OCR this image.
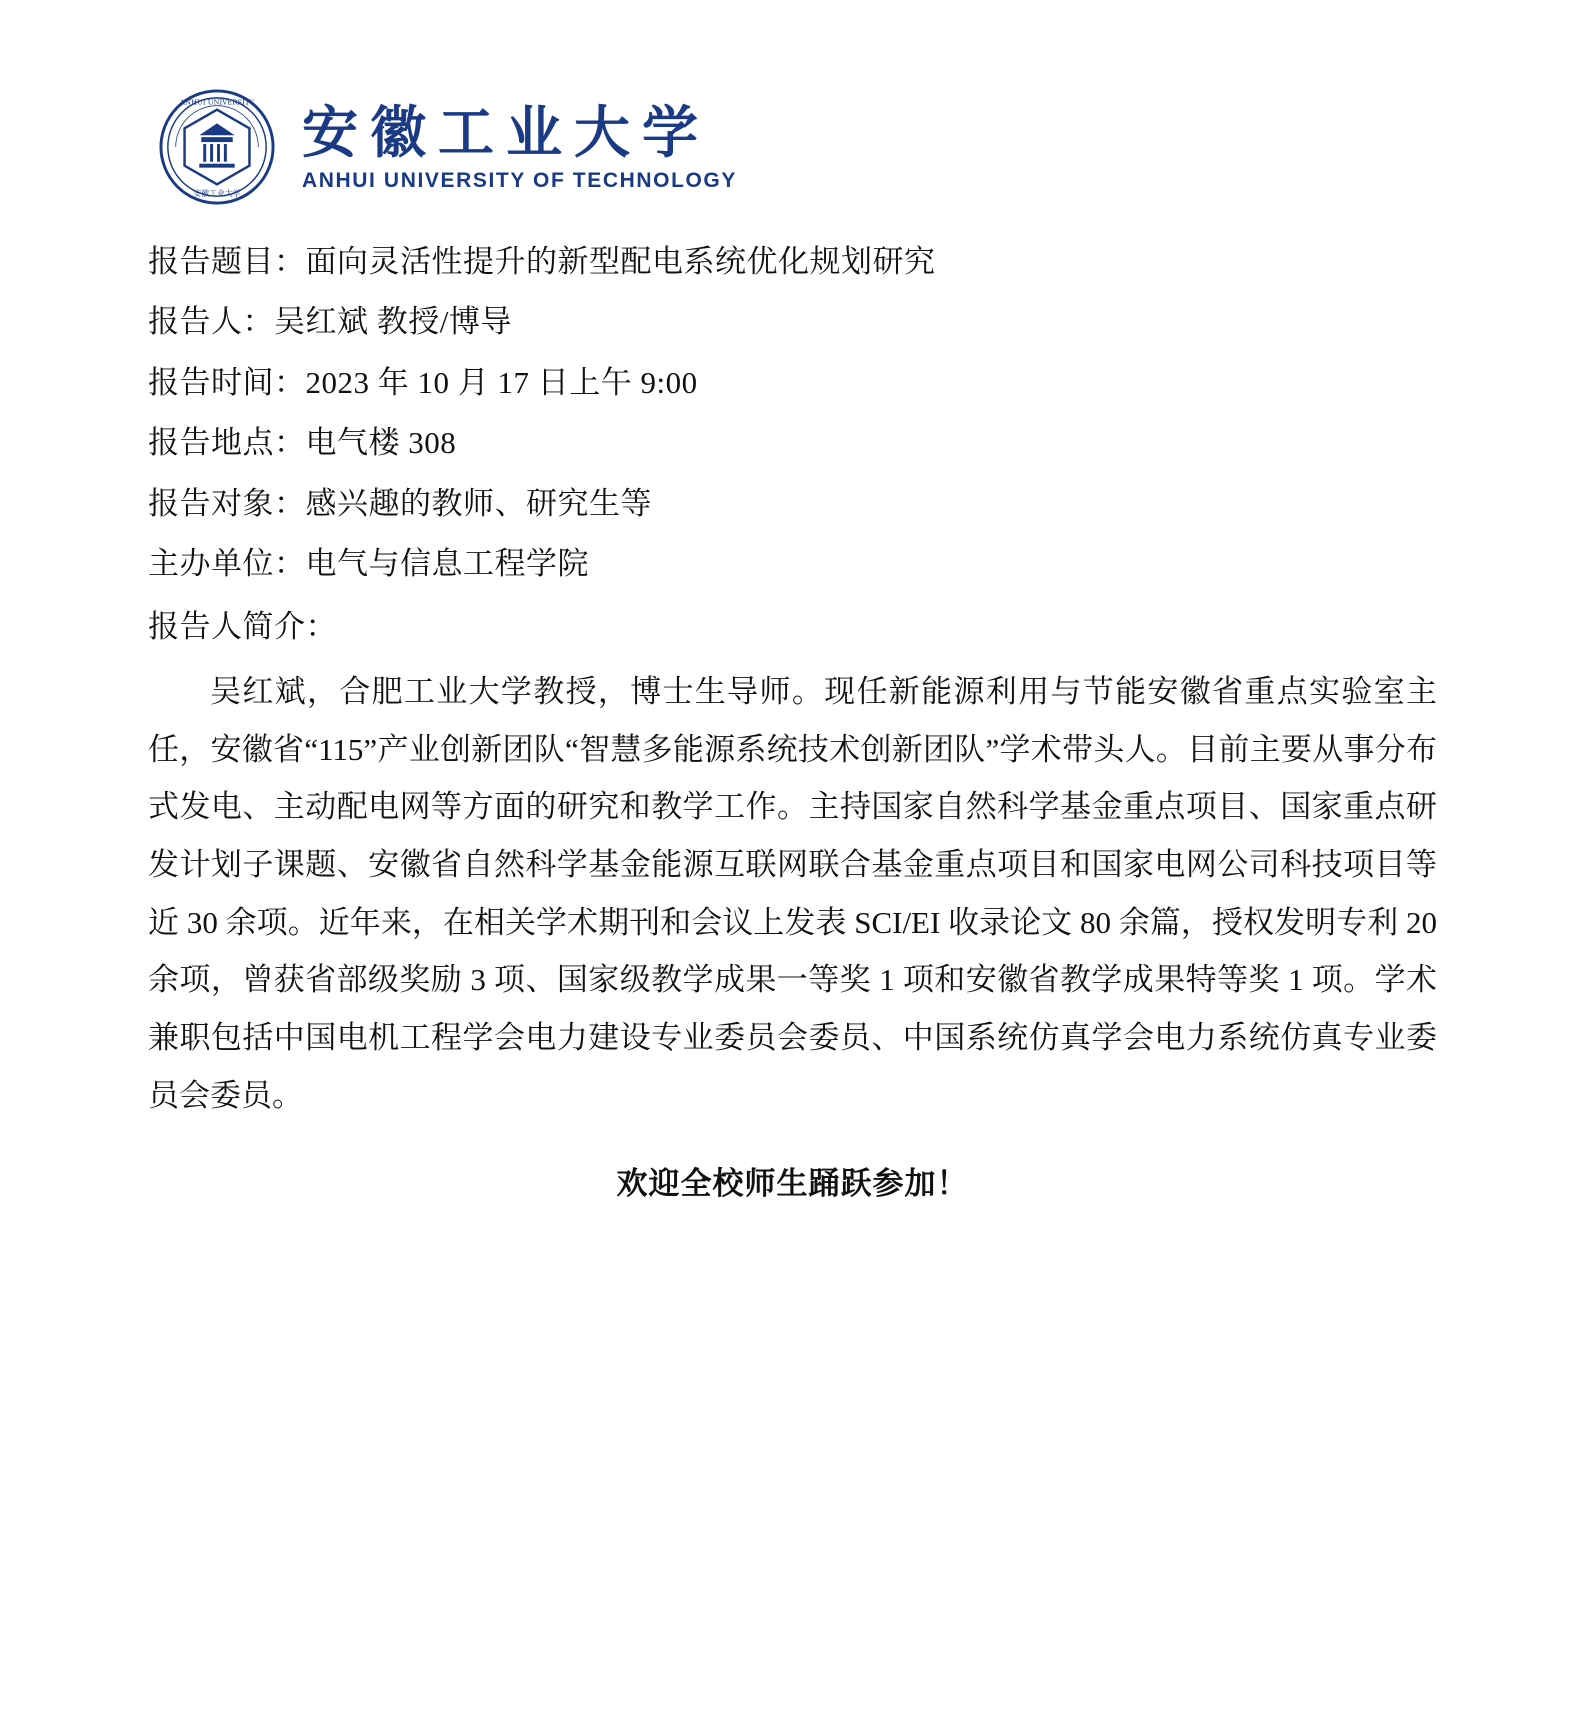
ANHUI UNIVERSITY
安徽工业大学
安徽工业大学
ANHUI UNIVERSITY OF TECHNOLOGY
报告题目：面向灵活性提升的新型配电系统优化规划研究
报告人：吴红斌 教授/博导
报告时间：2023 年 10 月 17 日上午 9:00
报告地点：电气楼 308
报告对象：感兴趣的教师、研究生等
主办单位：电气与信息工程学院
报告人简介：
吴红斌，合肥工业大学教授，博士生导师。现任新能源利用与节能安徽省重点实验室主任，安徽省“115”产业创新团队“智慧多能源系统技术创新团队”学术带头人。目前主要从事分布式发电、主动配电网等方面的研究和教学工作。主持国家自然科学基金重点项目、国家重点研发计划子课题、安徽省自然科学基金能源互联网联合基金重点项目和国家电网公司科技项目等近 30 余项。近年来，在相关学术期刊和会议上发表 SCI/EI 收录论文 80 余篇，授权发明专利 20 余项，曾获省部级奖励 3 项、国家级教学成果一等奖 1 项和安徽省教学成果特等奖 1 项。学术兼职包括中国电机工程学会电力建设专业委员会委员、中国系统仿真学会电力系统仿真专业委员会委员。
欢迎全校师生踊跃参加！
